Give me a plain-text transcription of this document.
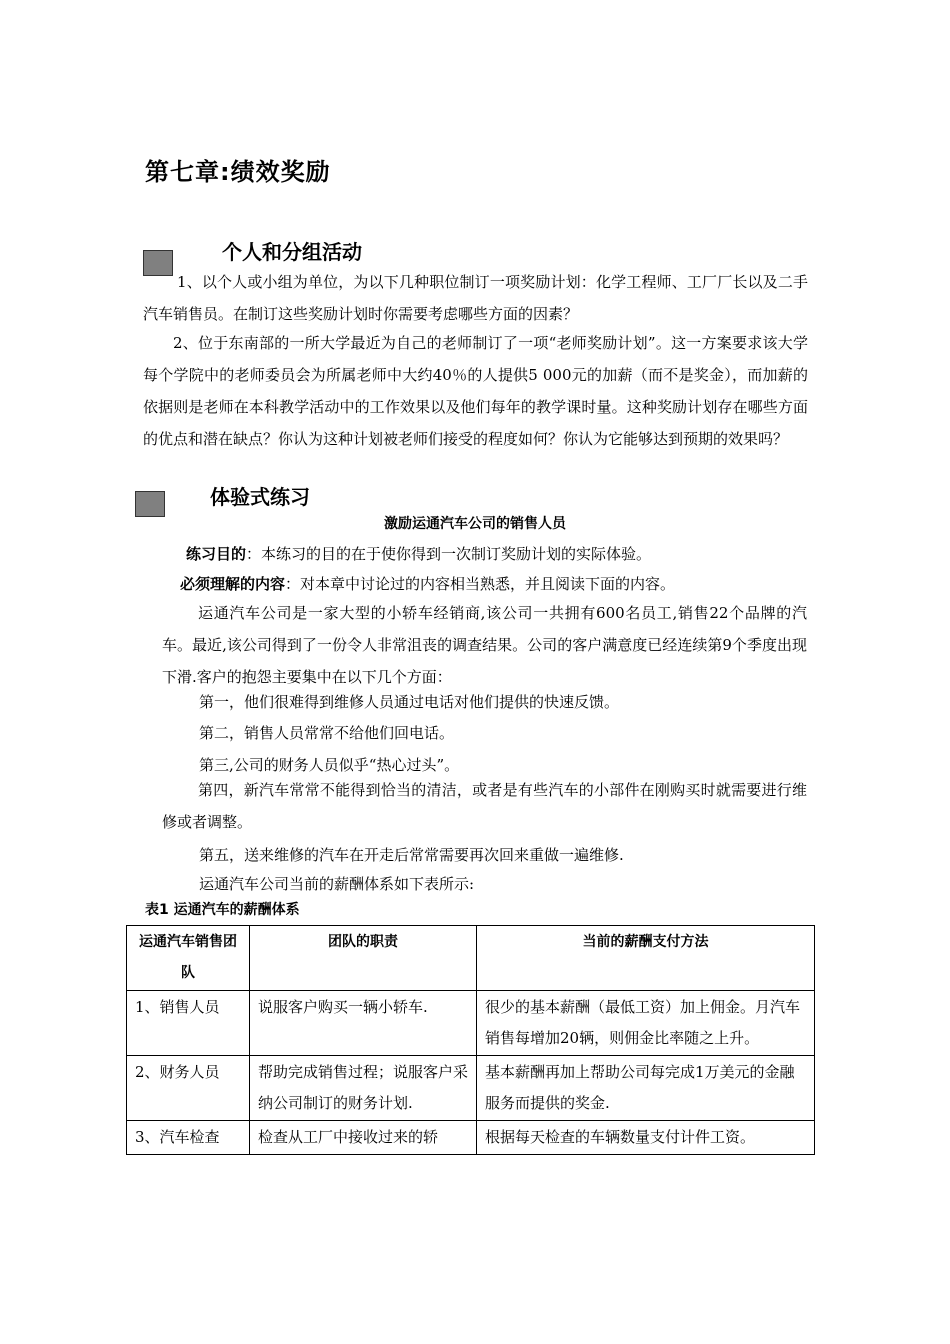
第七章:绩效奖励
个人和分组活动
1、以个人或小组为单位，为以下几种职位制订一项奖励计划：化学工程师、工厂厂长以及二手汽车销售员。在制订这些奖励计划时你需要考虑哪些方面的因素？
2、位于东南部的一所大学最近为自己的老师制订了一项“老师奖励计划”。这一方案要求该大学每个学院中的老师委员会为所属老师中大约40％的人提供5 000元的加薪（而不是奖金），而加薪的依据则是老师在本科教学活动中的工作效果以及他们每年的教学课时量。这种奖励计划存在哪些方面的优点和潜在缺点？你认为这种计划被老师们接受的程度如何？你认为它能够达到预期的效果吗？
体验式练习
激励运通汽车公司的销售人员
练习目的：本练习的目的在于使你得到一次制订奖励计划的实际体验。
必须理解的内容：对本章中讨论过的内容相当熟悉，并且阅读下面的内容。
运通汽车公司是一家大型的小轿车经销商,该公司一共拥有600名员工,销售22个品牌的汽车。最近,该公司得到了一份令人非常沮丧的调查结果。公司的客户满意度已经连续第9个季度出现下滑.客户的抱怨主要集中在以下几个方面：
第一，他们很难得到维修人员通过电话对他们提供的快速反馈。
第二，销售人员常常不给他们回电话。
第三,公司的财务人员似乎“热心过头”。
第四，新汽车常常不能得到恰当的清洁，或者是有些汽车的小部件在刚购买时就需要进行维修或者调整。
第五，送来维修的汽车在开走后常常需要再次回来重做一遍维修.
运通汽车公司当前的薪酬体系如下表所示:
表1 运通汽车的薪酬体系
运通汽车销售团队	团队的职责	当前的薪酬支付方法
1、销售人员	说服客户购买一辆小轿车.	很少的基本薪酬（最低工资）加上佣金。月汽车销售每增加20辆，则佣金比率随之上升。
2、财务人员	帮助完成销售过程；说服客户采纳公司制订的财务计划.	基本薪酬再加上帮助公司每完成1万美元的金融服务而提供的奖金.
3、汽车检查	检查从工厂中接收过来的轿	根据每天检查的车辆数量支付计件工资。
